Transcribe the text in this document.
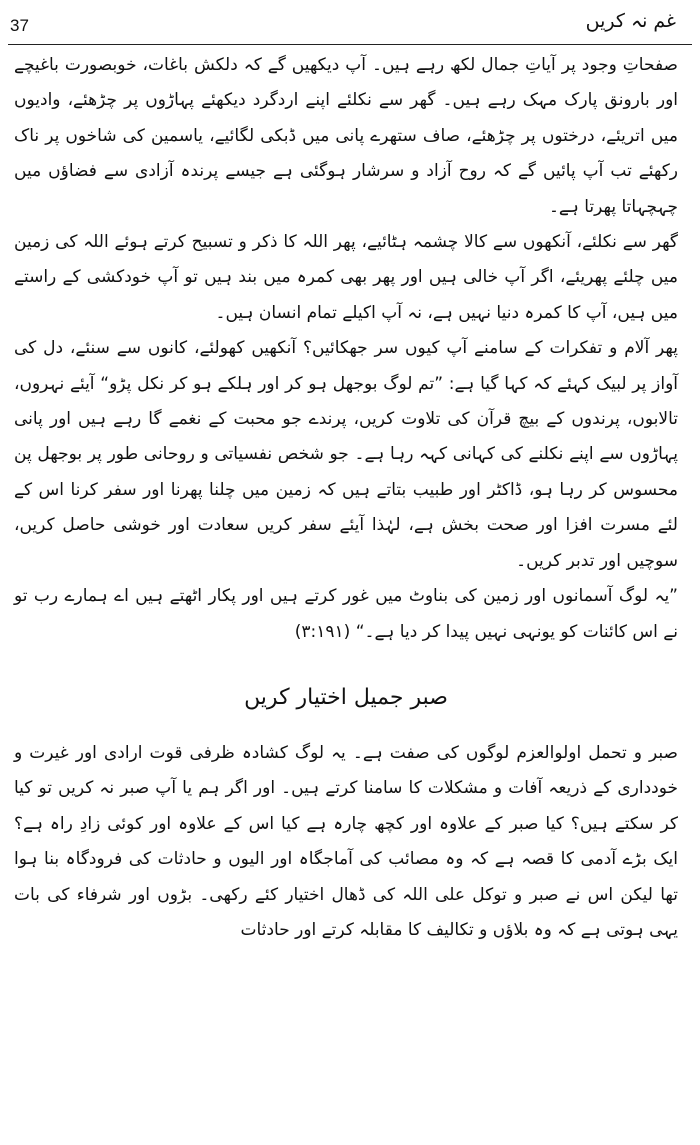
37	غم نہ کریں

صفحاتِ وجود پر آیاتِ جمال لکھ رہے ہیں۔ آپ دیکھیں گے کہ دلکش باغات، خوبصورت باغیچے اور بارونق پارک مہک رہے ہیں۔ گھر سے نکلئے اپنے اردگرد دیکھئے پہاڑوں پر چڑھئے، وادیوں میں اتریئے، درختوں پر چڑھئے، صاف ستھرے پانی میں ڈبکی لگائیے، یاسمین کی شاخوں پر ناک رکھئے تب آپ پائیں گے کہ روح آزاد و سرشار ہوگئی ہے جیسے پرندہ آزادی سے فضاؤں میں چہچہاتا پھرتا ہے۔

گھر سے نکلئے، آنکھوں سے کالا چشمہ ہٹائیے، پھر اللہ کا ذکر و تسبیح کرتے ہوئے اللہ کی زمین میں چلئے پھریئے، اگر آپ خالی ہیں اور پھر بھی کمرہ میں بند ہیں تو آپ خودکشی کے راستے میں ہیں، آپ کا کمرہ دنیا نہیں ہے، نہ آپ اکیلے تمام انسان ہیں۔

پھر آلام و تفکرات کے سامنے آپ کیوں سر جھکائیں؟ آنکھیں کھولئے، کانوں سے سنئے، دل کی آواز پر لبیک کہئے کہ کہا گیا ہے: ”تم لوگ بوجھل ہو کر اور ہلکے ہو کر نکل پڑو“ آیئے نہروں، تالابوں، پرندوں کے بیچ قرآن کی تلاوت کریں، پرندے جو محبت کے نغمے گا رہے ہیں اور پانی پہاڑوں سے اپنے نکلنے کی کہانی کہہ رہا ہے۔ جو شخص نفسیاتی و روحانی طور پر بوجھل پن محسوس کر رہا ہو، ڈاکٹر اور طبیب بتاتے ہیں کہ زمین میں چلنا پھرنا اور سفر کرنا اس کے لئے مسرت افزا اور صحت بخش ہے، لہٰذا آیئے سفر کریں سعادت اور خوشی حاصل کریں، سوچیں اور تدبر کریں۔

”یہ لوگ آسمانوں اور زمین کی بناوٹ میں غور کرتے ہیں اور پکار اٹھتے ہیں اے ہمارے رب تو نے اس کائنات کو یونہی نہیں پیدا کر دیا ہے۔“ (۳:۱۹۱)

صبر جمیل اختیار کریں

صبر و تحمل اولوالعزم لوگوں کی صفت ہے۔ یہ لوگ کشادہ ظرفی قوت ارادی اور غیرت و خودداری کے ذریعہ آفات و مشکلات کا سامنا کرتے ہیں۔ اور اگر ہم یا آپ صبر نہ کریں تو کیا کر سکتے ہیں؟ کیا صبر کے علاوہ اور کچھ چارہ ہے کیا اس کے علاوہ اور کوئی زادِ راہ ہے؟ ایک بڑے آدمی کا قصہ ہے کہ وہ مصائب کی آماجگاہ اور الیوں و حادثات کی فرودگاہ بنا ہوا تھا لیکن اس نے صبر و توکل علی اللہ کی ڈھال اختیار کئے رکھی۔ بڑوں اور شرفاء کی بات یہی ہوتی ہے کہ وہ بلاؤں و تکالیف کا مقابلہ کرتے اور حادثات
